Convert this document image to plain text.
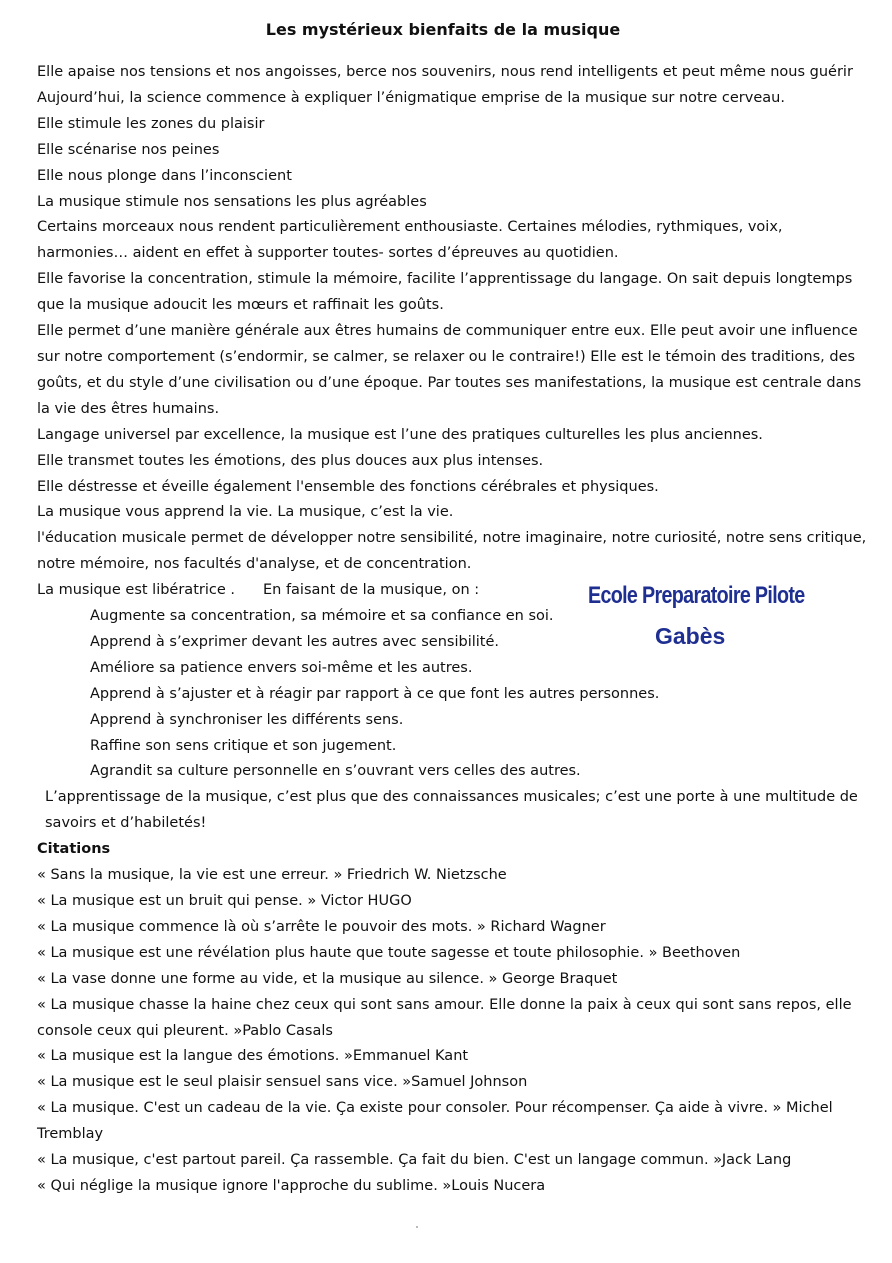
Les mystérieux bienfaits de la musique

Elle apaise nos tensions et nos angoisses, berce nos souvenirs, nous rend intelligents et peut même nous guérir Aujourd’hui, la science commence à expliquer l’énigmatique emprise de la musique sur notre cerveau.

Elle stimule les zones du plaisir

Elle scénarise nos peines

Elle nous plonge dans l’inconscient

La musique stimule nos sensations les plus agréables

Certains morceaux nous rendent particulièrement enthousiaste. Certaines mélodies, rythmiques, voix, harmonies… aident en effet à supporter toutes- sortes d’épreuves au quotidien.

Elle favorise la concentration, stimule la mémoire, facilite l’apprentissage du langage. On sait depuis longtemps que la musique adoucit les mœurs et raffinait les goûts.

Elle permet d’une manière générale aux êtres humains de communiquer entre eux. Elle peut avoir une influence sur notre comportement (s’endormir, se calmer, se relaxer ou le contraire!) Elle est le témoin des traditions, des goûts, et du style d’une civilisation ou d’une époque. Par toutes ses manifestations, la musique est centrale dans la vie des êtres humains.

Langage universel par excellence, la musique est l’une des pratiques culturelles les plus anciennes.

Elle transmet toutes les émotions, des plus douces aux plus intenses.

Elle déstresse et éveille également l'ensemble des fonctions cérébrales et physiques.

La musique vous apprend la vie. La musique, c’est la vie.

l'éducation musicale permet de développer notre sensibilité, notre imaginaire, notre curiosité, notre sens critique, notre mémoire, nos facultés d'analyse, et de concentration.

La musique est libératrice . En faisant de la musique, on :

Augmente sa concentration, sa mémoire et sa confiance en soi.
Apprend à s’exprimer devant les autres avec sensibilité.
Améliore sa patience envers soi-même et les autres.
Apprend à s’ajuster et à réagir par rapport à ce que font les autres personnes.
Apprend à synchroniser les différents sens.
Raffine son sens critique et son jugement.
Agrandit sa culture personnelle en s’ouvrant vers celles des autres.

L’apprentissage de la musique, c’est plus que des connaissances musicales; c’est une porte à une multitude de savoirs et d’habiletés!

Citations

« Sans la musique, la vie est une erreur. » Friedrich W. Nietzsche

« La musique est un bruit qui pense. » Victor HUGO

« La musique commence là où s’arrête le pouvoir des mots. » Richard Wagner

« La musique est une révélation plus haute que toute sagesse et toute philosophie. » Beethoven

« La vase donne une forme au vide, et la musique au silence. » George Braquet

« La musique chasse la haine chez ceux qui sont sans amour. Elle donne la paix à ceux qui sont sans repos, elle console ceux qui pleurent. »Pablo Casals

« La musique est la langue des émotions. »Emmanuel Kant

« La musique est le seul plaisir sensuel sans vice. »Samuel Johnson

« La musique. C'est un cadeau de la vie. Ça existe pour consoler. Pour récompenser. Ça aide à vivre. » Michel Tremblay

« La musique, c'est partout pareil. Ça rassemble. Ça fait du bien. C'est un langage commun. »Jack Lang

« Qui néglige la musique ignore l'approche du sublime. »Louis Nucera

Ecole Preparatoire Pilote
Gabès
